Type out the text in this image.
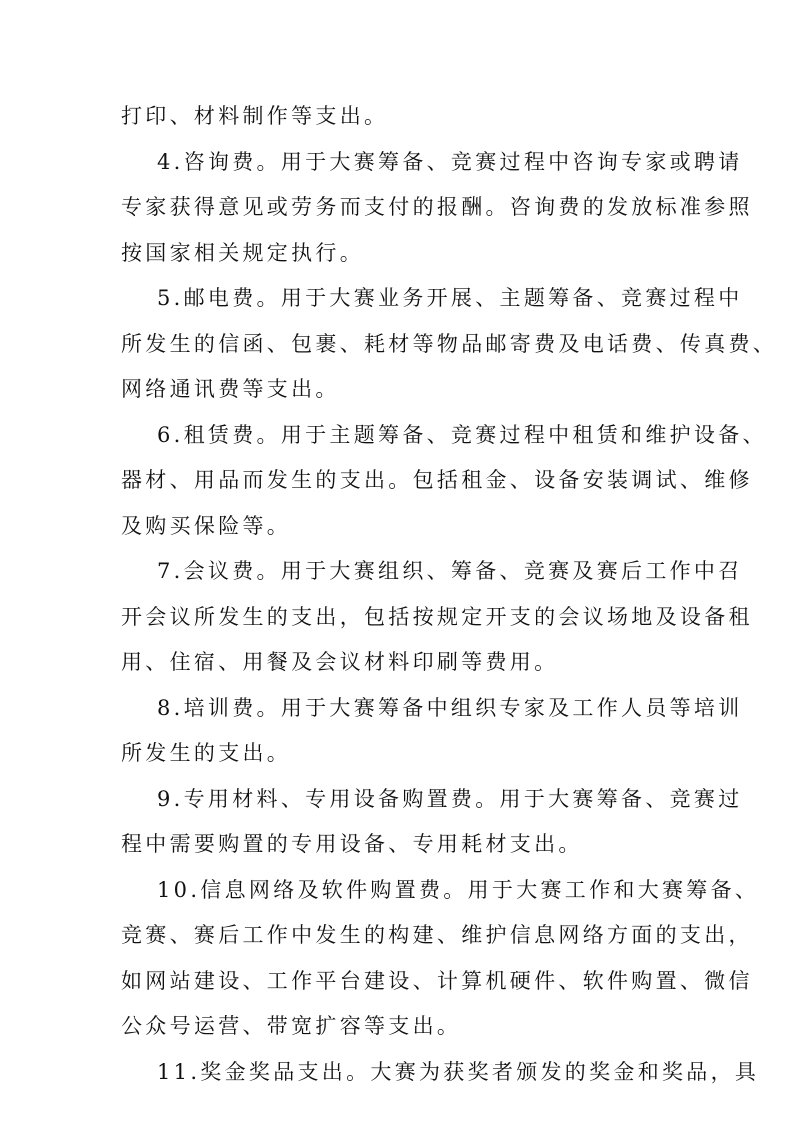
打印、材料制作等支出。
4.咨询费。用于大赛筹备、竞赛过程中咨询专家或聘请
专家获得意见或劳务而支付的报酬。咨询费的发放标准参照
按国家相关规定执行。
5.邮电费。用于大赛业务开展、主题筹备、竞赛过程中
所发生的信函、包裹、耗材等物品邮寄费及电话费、传真费、
网络通讯费等支出。
6.租赁费。用于主题筹备、竞赛过程中租赁和维护设备、
器材、用品而发生的支出。包括租金、设备安装调试、维修
及购买保险等。
7.会议费。用于大赛组织、筹备、竞赛及赛后工作中召
开会议所发生的支出，包括按规定开支的会议场地及设备租
用、住宿、用餐及会议材料印刷等费用。
8.培训费。用于大赛筹备中组织专家及工作人员等培训
所发生的支出。
9.专用材料、专用设备购置费。用于大赛筹备、竞赛过
程中需要购置的专用设备、专用耗材支出。
10.信息网络及软件购置费。用于大赛工作和大赛筹备、
竞赛、赛后工作中发生的构建、维护信息网络方面的支出，
如网站建设、工作平台建设、计算机硬件、软件购置、微信
公众号运营、带宽扩容等支出。
11.奖金奖品支出。大赛为获奖者颁发的奖金和奖品，具
